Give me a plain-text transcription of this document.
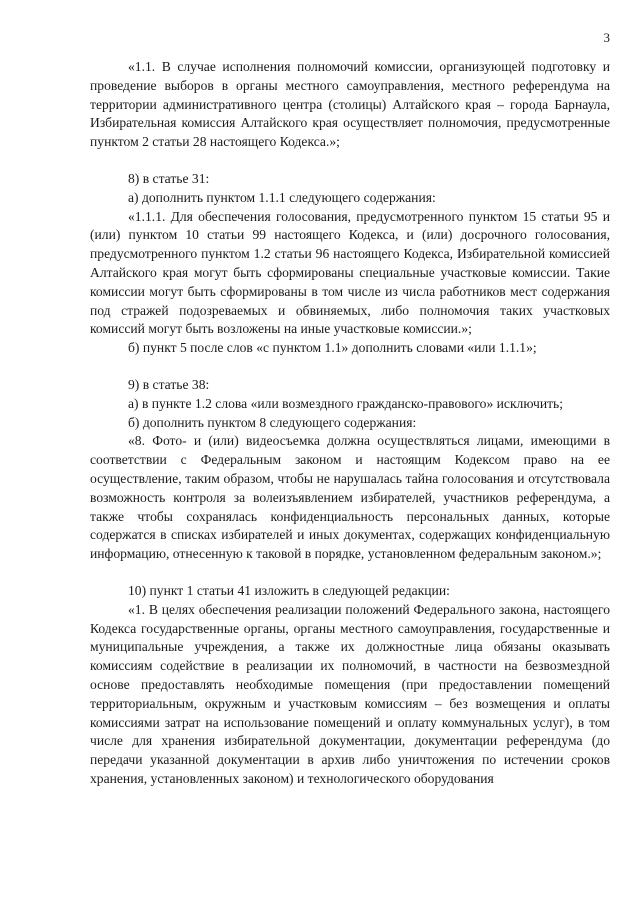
3

«1.1. В случае исполнения полномочий комиссии, организующей подготовку и проведение выборов в органы местного самоуправления, местного референдума на территории административного центра (столицы) Алтайского края – города Барнаула, Избирательная комиссия Алтайского края осуществляет полномочия, предусмотренные пунктом 2 статьи 28 настоящего Кодекса.»;

8) в статье 31:

а) дополнить пунктом 1.1.1 следующего содержания:

«1.1.1. Для обеспечения голосования, предусмотренного пунктом 15 статьи 95 и (или) пунктом 10 статьи 99 настоящего Кодекса, и (или) досрочного голосования, предусмотренного пунктом 1.2 статьи 96 настоящего Кодекса, Избирательной комиссией Алтайского края могут быть сформированы специальные участковые комиссии. Такие комиссии могут быть сформированы в том числе из числа работников мест содержания под стражей подозреваемых и обвиняемых, либо полномочия таких участковых комиссий могут быть возложены на иные участковые комиссии.»;

б) пункт 5 после слов «с пунктом 1.1» дополнить словами «или 1.1.1»;

9) в статье 38:

а) в пункте 1.2 слова «или возмездного гражданско-правового» исключить;

б) дополнить пунктом 8 следующего содержания:

«8. Фото- и (или) видеосъемка должна осуществляться лицами, имеющими в соответствии с Федеральным законом и настоящим Кодексом право на ее осуществление, таким образом, чтобы не нарушалась тайна голосования и отсутствовала возможность контроля за волеизъявлением избирателей, участников референдума, а также чтобы сохранялась конфиденциальность персональных данных, которые содержатся в списках избирателей и иных документах, содержащих конфиденциальную информацию, отнесенную к таковой в порядке, установленном федеральным законом.»;

10) пункт 1 статьи 41 изложить в следующей редакции:

«1. В целях обеспечения реализации положений Федерального закона, настоящего Кодекса государственные органы, органы местного самоуправления, государственные и муниципальные учреждения, а также их должностные лица обязаны оказывать комиссиям содействие в реализации их полномочий, в частности на безвозмездной основе предоставлять необходимые помещения (при предоставлении помещений территориальным, окружным и участковым комиссиям – без возмещения и оплаты комиссиями затрат на использование помещений и оплату коммунальных услуг), в том числе для хранения избирательной документации, документации референдума (до передачи указанной документации в архив либо уничтожения по истечении сроков хранения, установленных законом) и технологического оборудования
